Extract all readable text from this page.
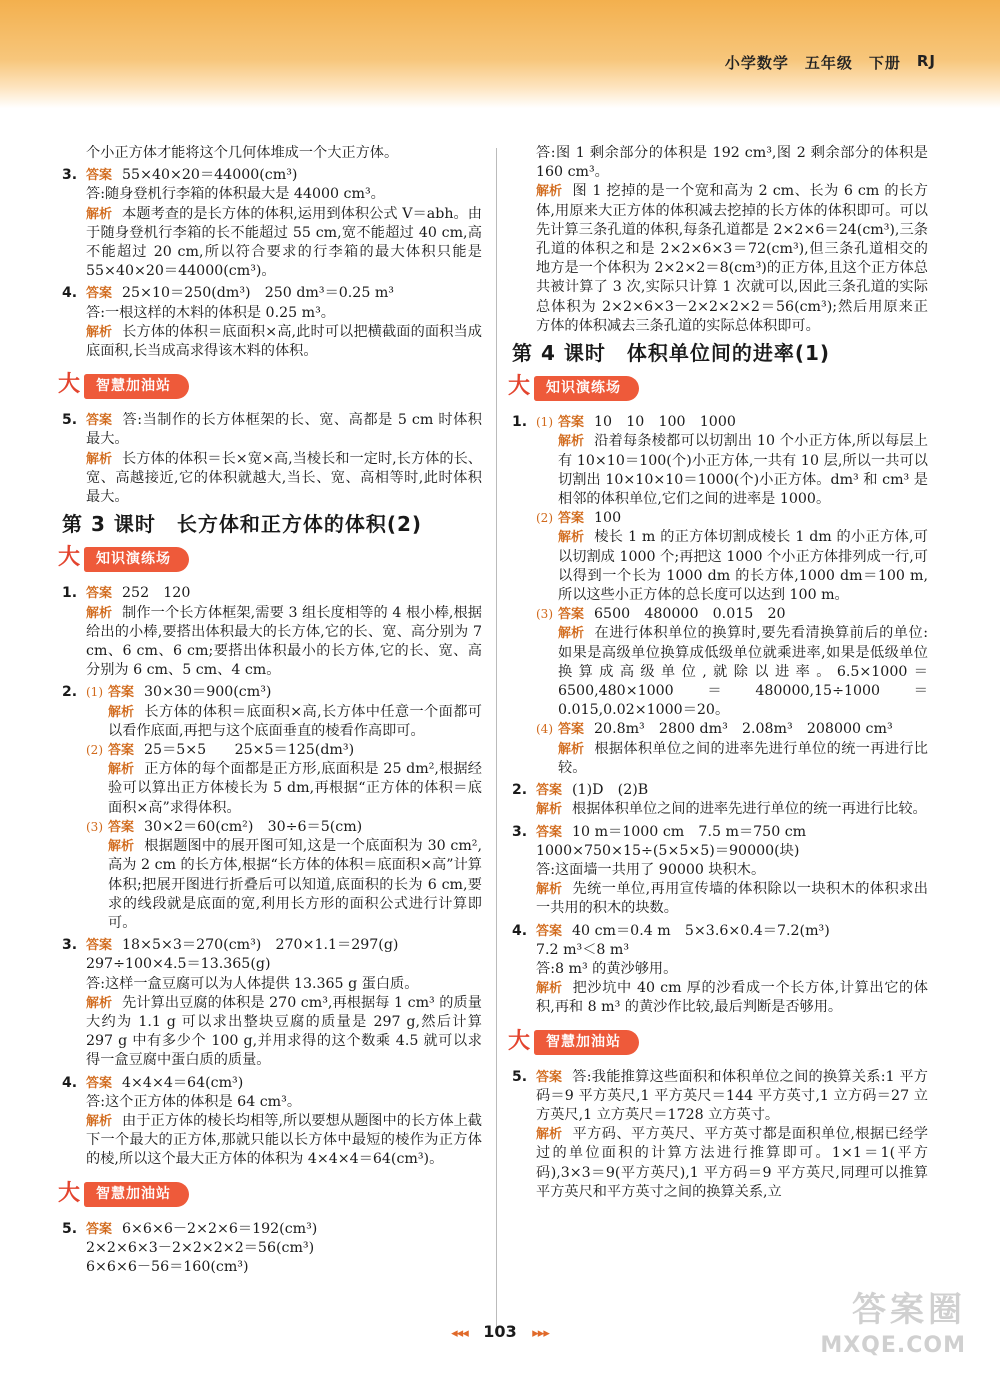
小学数学 五年级 下册 RJ
个小正方体才能将这个几何体堆成一个大正方体。
3. 答案 55×40×20＝44000(cm³)
答:随身登机行李箱的体积最大是 44000 cm³。
解析 本题考查的是长方体的体积,运用到体积公式 V＝abh。由于随身登机行李箱的长不能超过 55 cm,宽不能超过 40 cm,高不能超过 20 cm,所以符合要求的行李箱的最大体积只能是 55×40×20＝44000(cm³)。
4. 答案 25×10＝250(dm³)　250 dm³＝0.25 m³
答:一根这样的木料的体积是 0.25 m³。
解析 长方体的体积＝底面积×高,此时可以把横截面的面积当成底面积,长当成高求得该木料的体积。
大	智慧加油站
5. 答案 答:当制作的长方体框架的长、宽、高都是 5 cm 时体积最大。
解析 长方体的体积＝长×宽×高,当棱长和一定时,长方体的长、宽、高越接近,它的体积就越大,当长、宽、高相等时,此时体积最大。
第 3 课时　长方体和正方体的体积(2)
大	知识演练场
1. 答案 252　120
解析 制作一个长方体框架,需要 3 组长度相等的 4 根小棒,根据给出的小棒,要搭出体积最大的长方体,它的长、宽、高分别为 7 cm、6 cm、6 cm;要搭出体积最小的长方体,它的长、宽、高分别为 6 cm、5 cm、4 cm。
2. (1) 答案 30×30＝900(cm³)
解析 长方体的体积＝底面积×高,长方体中任意一个面都可以看作底面,再把与这个底面垂直的棱看作高即可。
(2) 答案 25＝5×5　　25×5＝125(dm³)
解析 正方体的每个面都是正方形,底面积是 25 dm²,根据经验可以算出正方体棱长为 5 dm,再根据“正方体的体积＝底面积×高”求得体积。
(3) 答案 30×2＝60(cm²)　30÷6＝5(cm)
解析 根据题图中的展开图可知,这是一个底面积为 30 cm²,高为 2 cm 的长方体,根据“长方体的体积＝底面积×高”计算体积;把展开图进行折叠后可以知道,底面积的长为 6 cm,要求的线段就是底面的宽,利用长方形的面积公式进行计算即可。
3. 答案 18×5×3＝270(cm³)　270×1.1＝297(g)
297÷100×4.5＝13.365(g)
答:这样一盒豆腐可以为人体提供 13.365 g 蛋白质。
解析 先计算出豆腐的体积是 270 cm³,再根据每 1 cm³ 的质量大约为 1.1 g 可以求出整块豆腐的质量是 297 g,然后计算 297 g 中有多少个 100 g,并用求得的这个数乘 4.5 就可以求得一盒豆腐中蛋白质的质量。
4. 答案 4×4×4＝64(cm³)
答:这个正方体的体积是 64 cm³。
解析 由于正方体的棱长均相等,所以要想从题图中的长方体上截下一个最大的正方体,那就只能以长方体中最短的棱作为正方体的棱,所以这个最大正方体的体积为 4×4×4＝64(cm³)。
大	智慧加油站
5. 答案 6×6×6－2×2×6＝192(cm³)
2×2×6×3－2×2×2×2＝56(cm³)
6×6×6－56＝160(cm³)
答:图 1 剩余部分的体积是 192 cm³,图 2 剩余部分的体积是 160 cm³。
解析 图 1 挖掉的是一个宽和高为 2 cm、长为 6 cm 的长方体,用原来大正方体的体积减去挖掉的长方体的体积即可。可以先计算三条孔道的体积,每条孔道都是 2×2×6＝24(cm³),三条孔道的体积之和是 2×2×6×3＝72(cm³),但三条孔道相交的地方是一个体积为 2×2×2＝8(cm³)的正方体,且这个正方体总共被计算了 3 次,实际只计算 1 次就可以,因此三条孔道的实际总体积为 2×2×6×3－2×2×2×2＝56(cm³);然后用原来正方体的体积减去三条孔道的实际总体积即可。
第 4 课时　体积单位间的进率(1)
大	知识演练场
1. (1) 答案 10　10　100　1000
解析 沿着每条棱都可以切割出 10 个小正方体,所以每层上有 10×10＝100(个)小正方体,一共有 10 层,所以一共可以切割出 10×10×10＝1000(个)小正方体。dm³ 和 cm³ 是相邻的体积单位,它们之间的进率是 1000。
(2) 答案 100
解析 棱长 1 m 的正方体切割成棱长 1 dm 的小正方体,可以切割成 1000 个;再把这 1000 个小正方体排列成一行,可以得到一个长为 1000 dm 的长方体,1000 dm＝100 m,所以这些小正方体的总长度可以达到 100 m。
(3) 答案 6500　480000　0.015　20
解析 在进行体积单位的换算时,要先看清换算前后的单位:如果是高级单位换算成低级单位就乘进率,如果是低级单位换算成高级单位,就除以进率。6.5×1000＝6500,480×1000＝480000,15÷1000＝0.015,0.02×1000＝20。
(4) 答案 20.8m³　2800 dm³　2.08m³　208000 cm³
解析 根据体积单位之间的进率先进行单位的统一再进行比较。
2. 答案 (1)D　(2)B
解析 根据体积单位之间的进率先进行单位的统一再进行比较。
3. 答案 10 m＝1000 cm　7.5 m＝750 cm
1000×750×15÷(5×5×5)＝90000(块)
答:这面墙一共用了 90000 块积木。
解析 先统一单位,再用宣传墙的体积除以一块积木的体积求出一共用的积木的块数。
4. 答案 40 cm＝0.4 m　5×3.6×0.4＝7.2(m³)
7.2 m³＜8 m³
答:8 m³ 的黄沙够用。
解析 把沙坑中 40 cm 厚的沙看成一个长方体,计算出它的体积,再和 8 m³ 的黄沙作比较,最后判断是否够用。
大	智慧加油站
5. 答案 答:我能推算这些面积和体积单位之间的换算关系:1 平方码＝9 平方英尺,1 平方英尺＝144 平方英寸,1 立方码＝27 立方英尺,1 立方英尺＝1728 立方英寸。
解析 平方码、平方英尺、平方英寸都是面积单位,根据已经学过的单位面积的计算方法进行推算即可。1×1＝1(平方码),3×3＝9(平方英尺),1 平方码＝9 平方英尺,同理可以推算平方英尺和平方英寸之间的换算关系,立
答案圈
MXQE.COM
◂◂◂ 103 ▸▸▸
